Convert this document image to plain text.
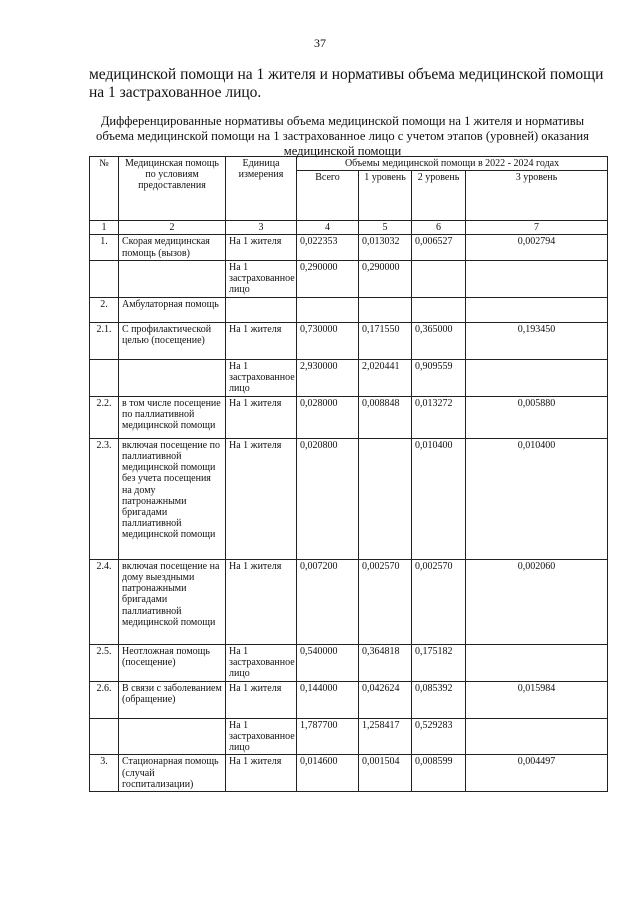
37
медицинской помощи на 1 жителя и нормативы объема медицинской помощи на 1 застрахованное лицо.
Дифференцированные нормативы объема медицинской помощи на 1 жителя и нормативы объема медицинской помощи на 1 застрахованное лицо с учетом этапов (уровней) оказания медицинской помощи
№	Медицинская помощь по условиям предоставления	Единица измерения	Объемы медицинской помощи в 2022 - 2024 годах			
			Всего	1 уровень	2 уровень	3 уровень
1	2	3	4	5	6	7
1.	Скорая медицинская помощь (вызов)	На 1 жителя	0,022353	0,013032	0,006527	0,002794
		На 1 застрахованное лицо	0,290000	0,290000		
2.	Амбулаторная помощь					
2.1.	С профилактической целью (посещение)	На 1 жителя	0,730000	0,171550	0,365000	0,193450
		На 1 застрахованное лицо	2,930000	2,020441	0,909559	
2.2.	в том числе посещение по паллиативной медицинской помощи	На 1 жителя	0,028000	0,008848	0,013272	0,005880
2.3.	включая посещение по паллиативной медицинской помощи без учета посещения на дому патронажными бригадами паллиативной медицинской помощи	На 1 жителя	0,020800		0,010400	0,010400
2.4.	включая посещение на дому выездными патронажными бригадами паллиативной медицинской помощи	На 1 жителя	0,007200	0,002570	0,002570	0,002060
2.5.	Неотложная помощь (посещение)	На 1 застрахованное лицо	0,540000	0,364818	0,175182	
2.6.	В связи с заболеванием (обращение)	На 1 жителя	0,144000	0,042624	0,085392	0,015984
		На 1 застрахованное лицо	1,787700	1,258417	0,529283	
3.	Стационарная помощь (случай госпитализации)	На 1 жителя	0,014600	0,001504	0,008599	0,004497
